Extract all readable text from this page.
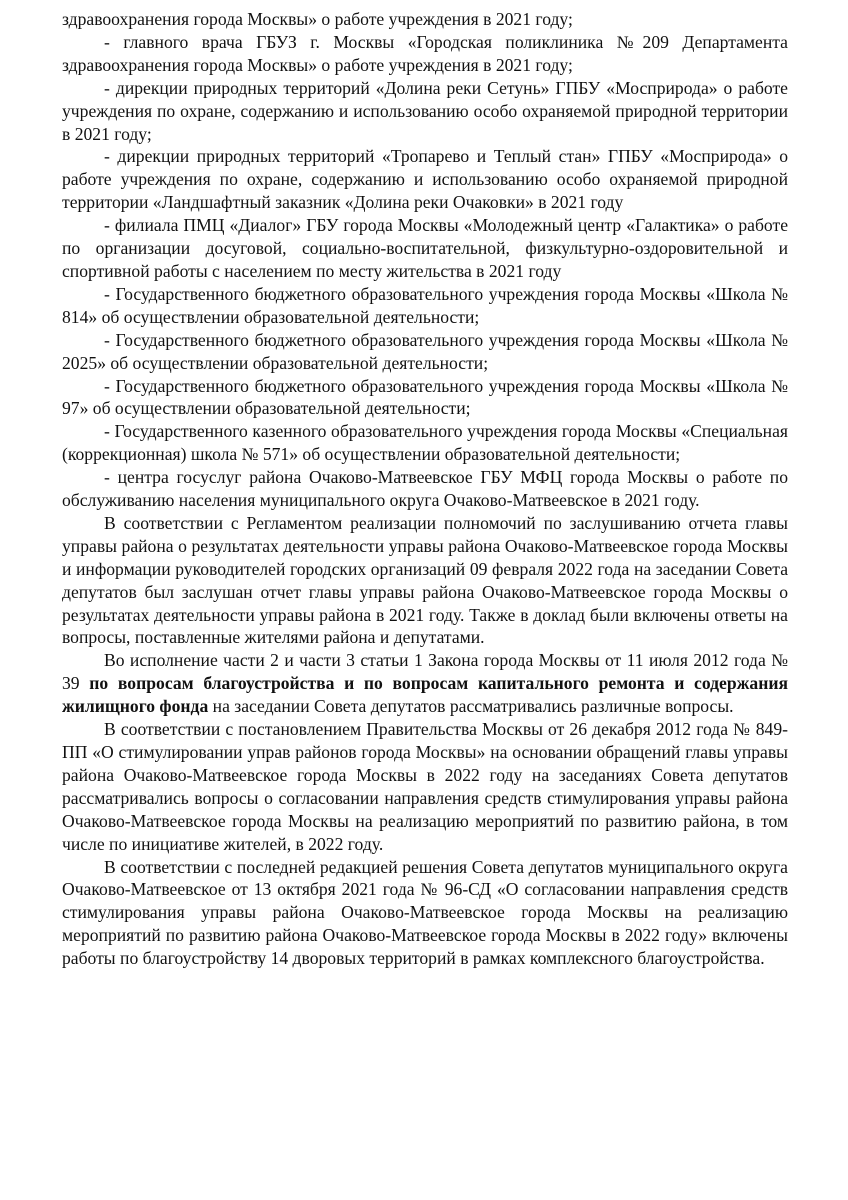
здравоохранения города Москвы» о работе учреждения в 2021 году;

- главного врача ГБУЗ г. Москвы «Городская поликлиника №209 Департамента здравоохранения города Москвы» о работе учреждения в 2021 году;

- дирекции природных территорий «Долина реки Сетунь» ГПБУ «Мосприрода» о работе учреждения по охране, содержанию и использованию особо охраняемой природной территории в 2021 году;

- дирекции природных территорий «Тропарево и Теплый стан» ГПБУ «Мосприрода» о работе учреждения по охране, содержанию и использованию особо охраняемой природной территории «Ландшафтный заказник «Долина реки Очаковки» в 2021 году

- филиала ПМЦ «Диалог» ГБУ города Москвы «Молодежный центр «Галактика» о работе по организации досуговой, социально-воспитательной, физкультурно-оздоровительной и спортивной работы с населением по месту жительства в 2021 году

- Государственного бюджетного образовательного учреждения города Москвы «Школа № 814» об осуществлении образовательной деятельности;

- Государственного бюджетного образовательного учреждения города Москвы «Школа № 2025» об осуществлении образовательной деятельности;

- Государственного бюджетного образовательного учреждения города Москвы «Школа № 97» об осуществлении образовательной деятельности;

- Государственного казенного образовательного учреждения города Москвы «Специальная (коррекционная) школа № 571» об осуществлении образовательной деятельности;

- центра госуслуг района Очаково-Матвеевское ГБУ МФЦ города Москвы о работе по обслуживанию населения муниципального округа Очаково-Матвеевское в 2021 году.

В соответствии с Регламентом реализации полномочий по заслушиванию отчета главы управы района о результатах деятельности управы района Очаково-Матвеевское города Москвы и информации руководителей городских организаций 09 февраля 2022 года на заседании Совета депутатов был заслушан отчет главы управы района Очаково-Матвеевское города Москвы о результатах деятельности управы района в 2021 году. Также в доклад были включены ответы на вопросы, поставленные жителями района и депутатами.

Во исполнение части 2 и части 3 статьи 1 Закона города Москвы от 11 июля 2012 года № 39 по вопросам благоустройства и по вопросам капитального ремонта и содержания жилищного фонда на заседании Совета депутатов рассматривались различные вопросы.

В соответствии с постановлением Правительства Москвы от 26 декабря 2012 года № 849-ПП «О стимулировании управ районов города Москвы» на основании обращений главы управы района Очаково-Матвеевское города Москвы в 2022 году на заседаниях Совета депутатов рассматривались вопросы о согласовании направления средств стимулирования управы района Очаково-Матвеевское города Москвы на реализацию мероприятий по развитию района, в том числе по инициативе жителей, в 2022 году.

В соответствии с последней редакцией решения Совета депутатов муниципального округа Очаково-Матвеевское от 13 октября 2021 года № 96-СД «О согласовании направления средств стимулирования управы района Очаково-Матвеевское города Москвы на реализацию мероприятий по развитию района Очаково-Матвеевское города Москвы в 2022 году» включены работы по благоустройству 14 дворовых территорий в рамках комплексного благоустройства.
